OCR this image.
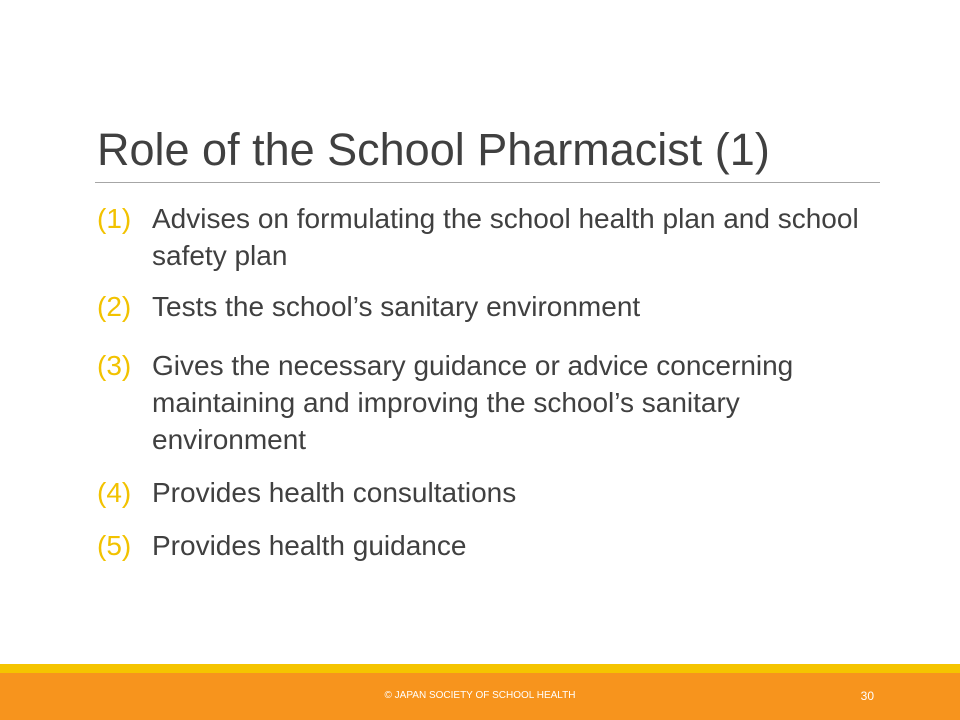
Role of the School Pharmacist (1)
(1) Advises on formulating the school health plan and school safety plan
(2) Tests the school’s sanitary environment
(3) Gives the necessary guidance or advice concerning maintaining and improving the school’s sanitary environment
(4) Provides health consultations
(5) Provides health guidance
© JAPAN SOCIETY OF SCHOOL HEALTH	30
